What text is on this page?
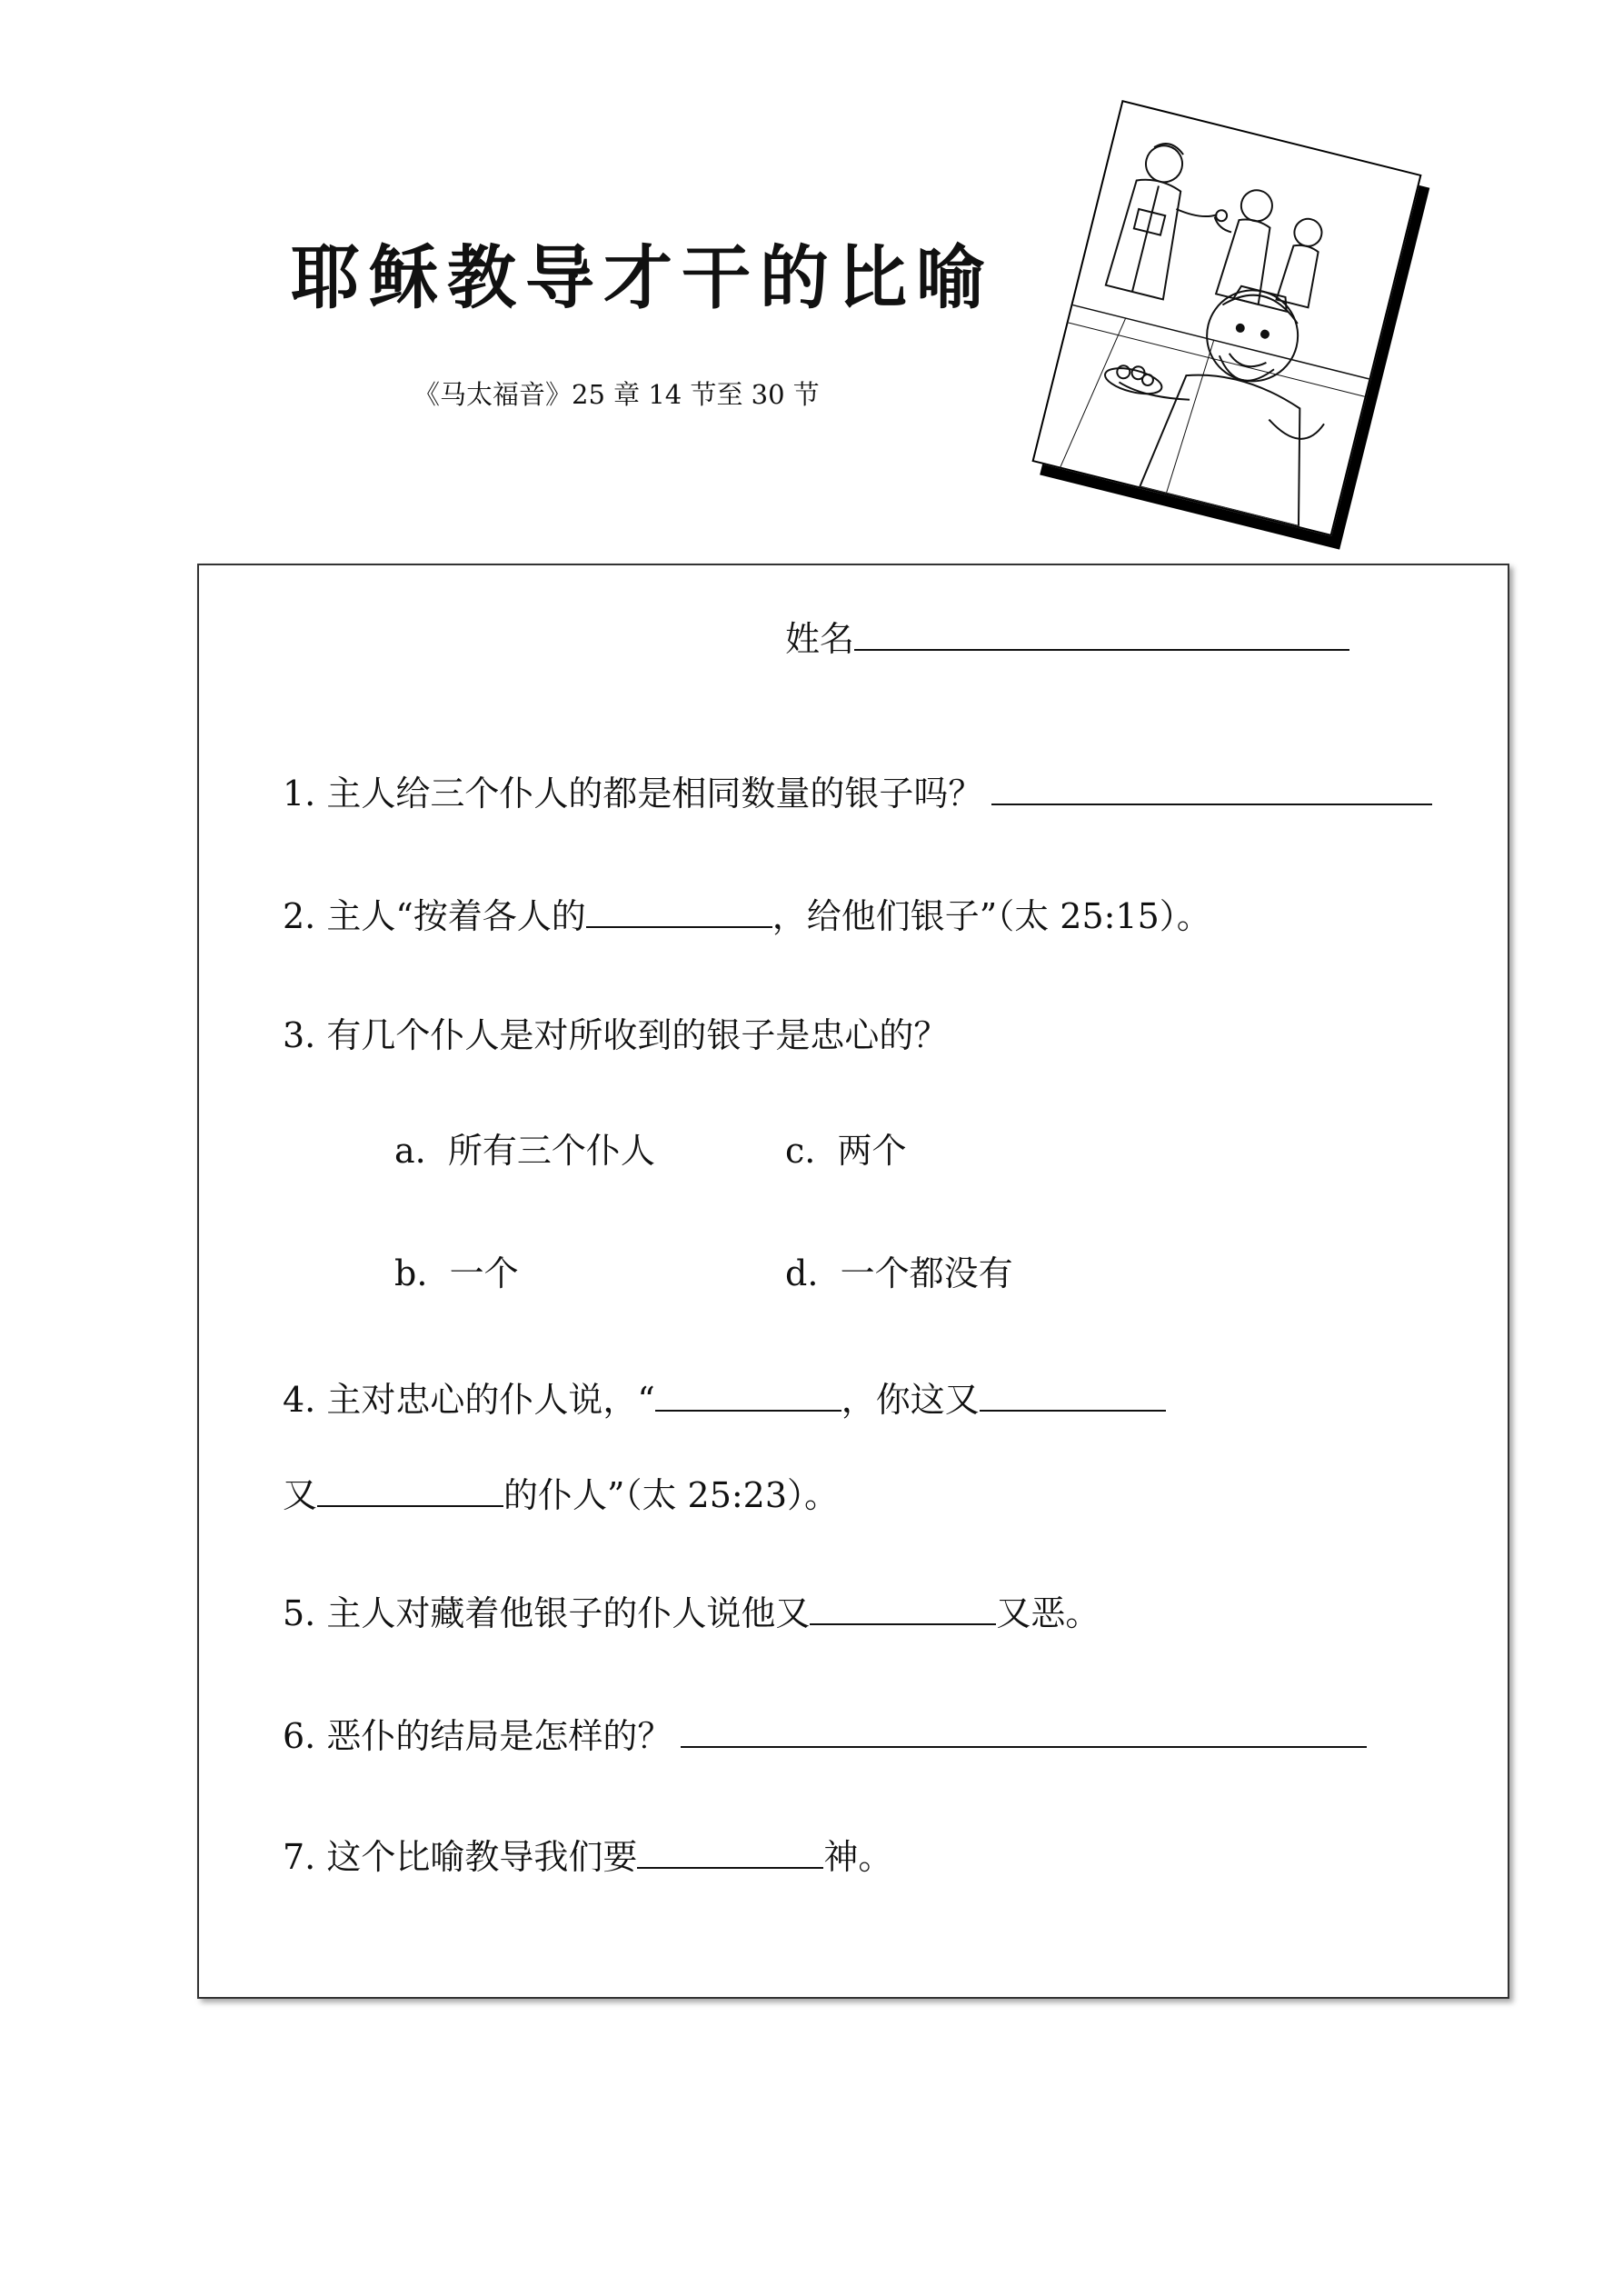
耶稣教导才干的比喻
《马太福音》25 章 14 节至 30 节
姓名
1. 主人给三个仆人的都是相同数量的银子吗？
2. 主人“按着各人的	，给他们银子”（太 25:15）。
3. 有几个仆人是对所收到的银子是忠心的？
a. 所有三个仆人	c. 两个
b. 一个	d. 一个都没有
4. 主对忠心的仆人说，“	，你这又
又	的仆人”（太 25:23）。
5. 主人对藏着他银子的仆人说他又	又恶。
6. 恶仆的结局是怎样的？
7. 这个比喻教导我们要	神。
